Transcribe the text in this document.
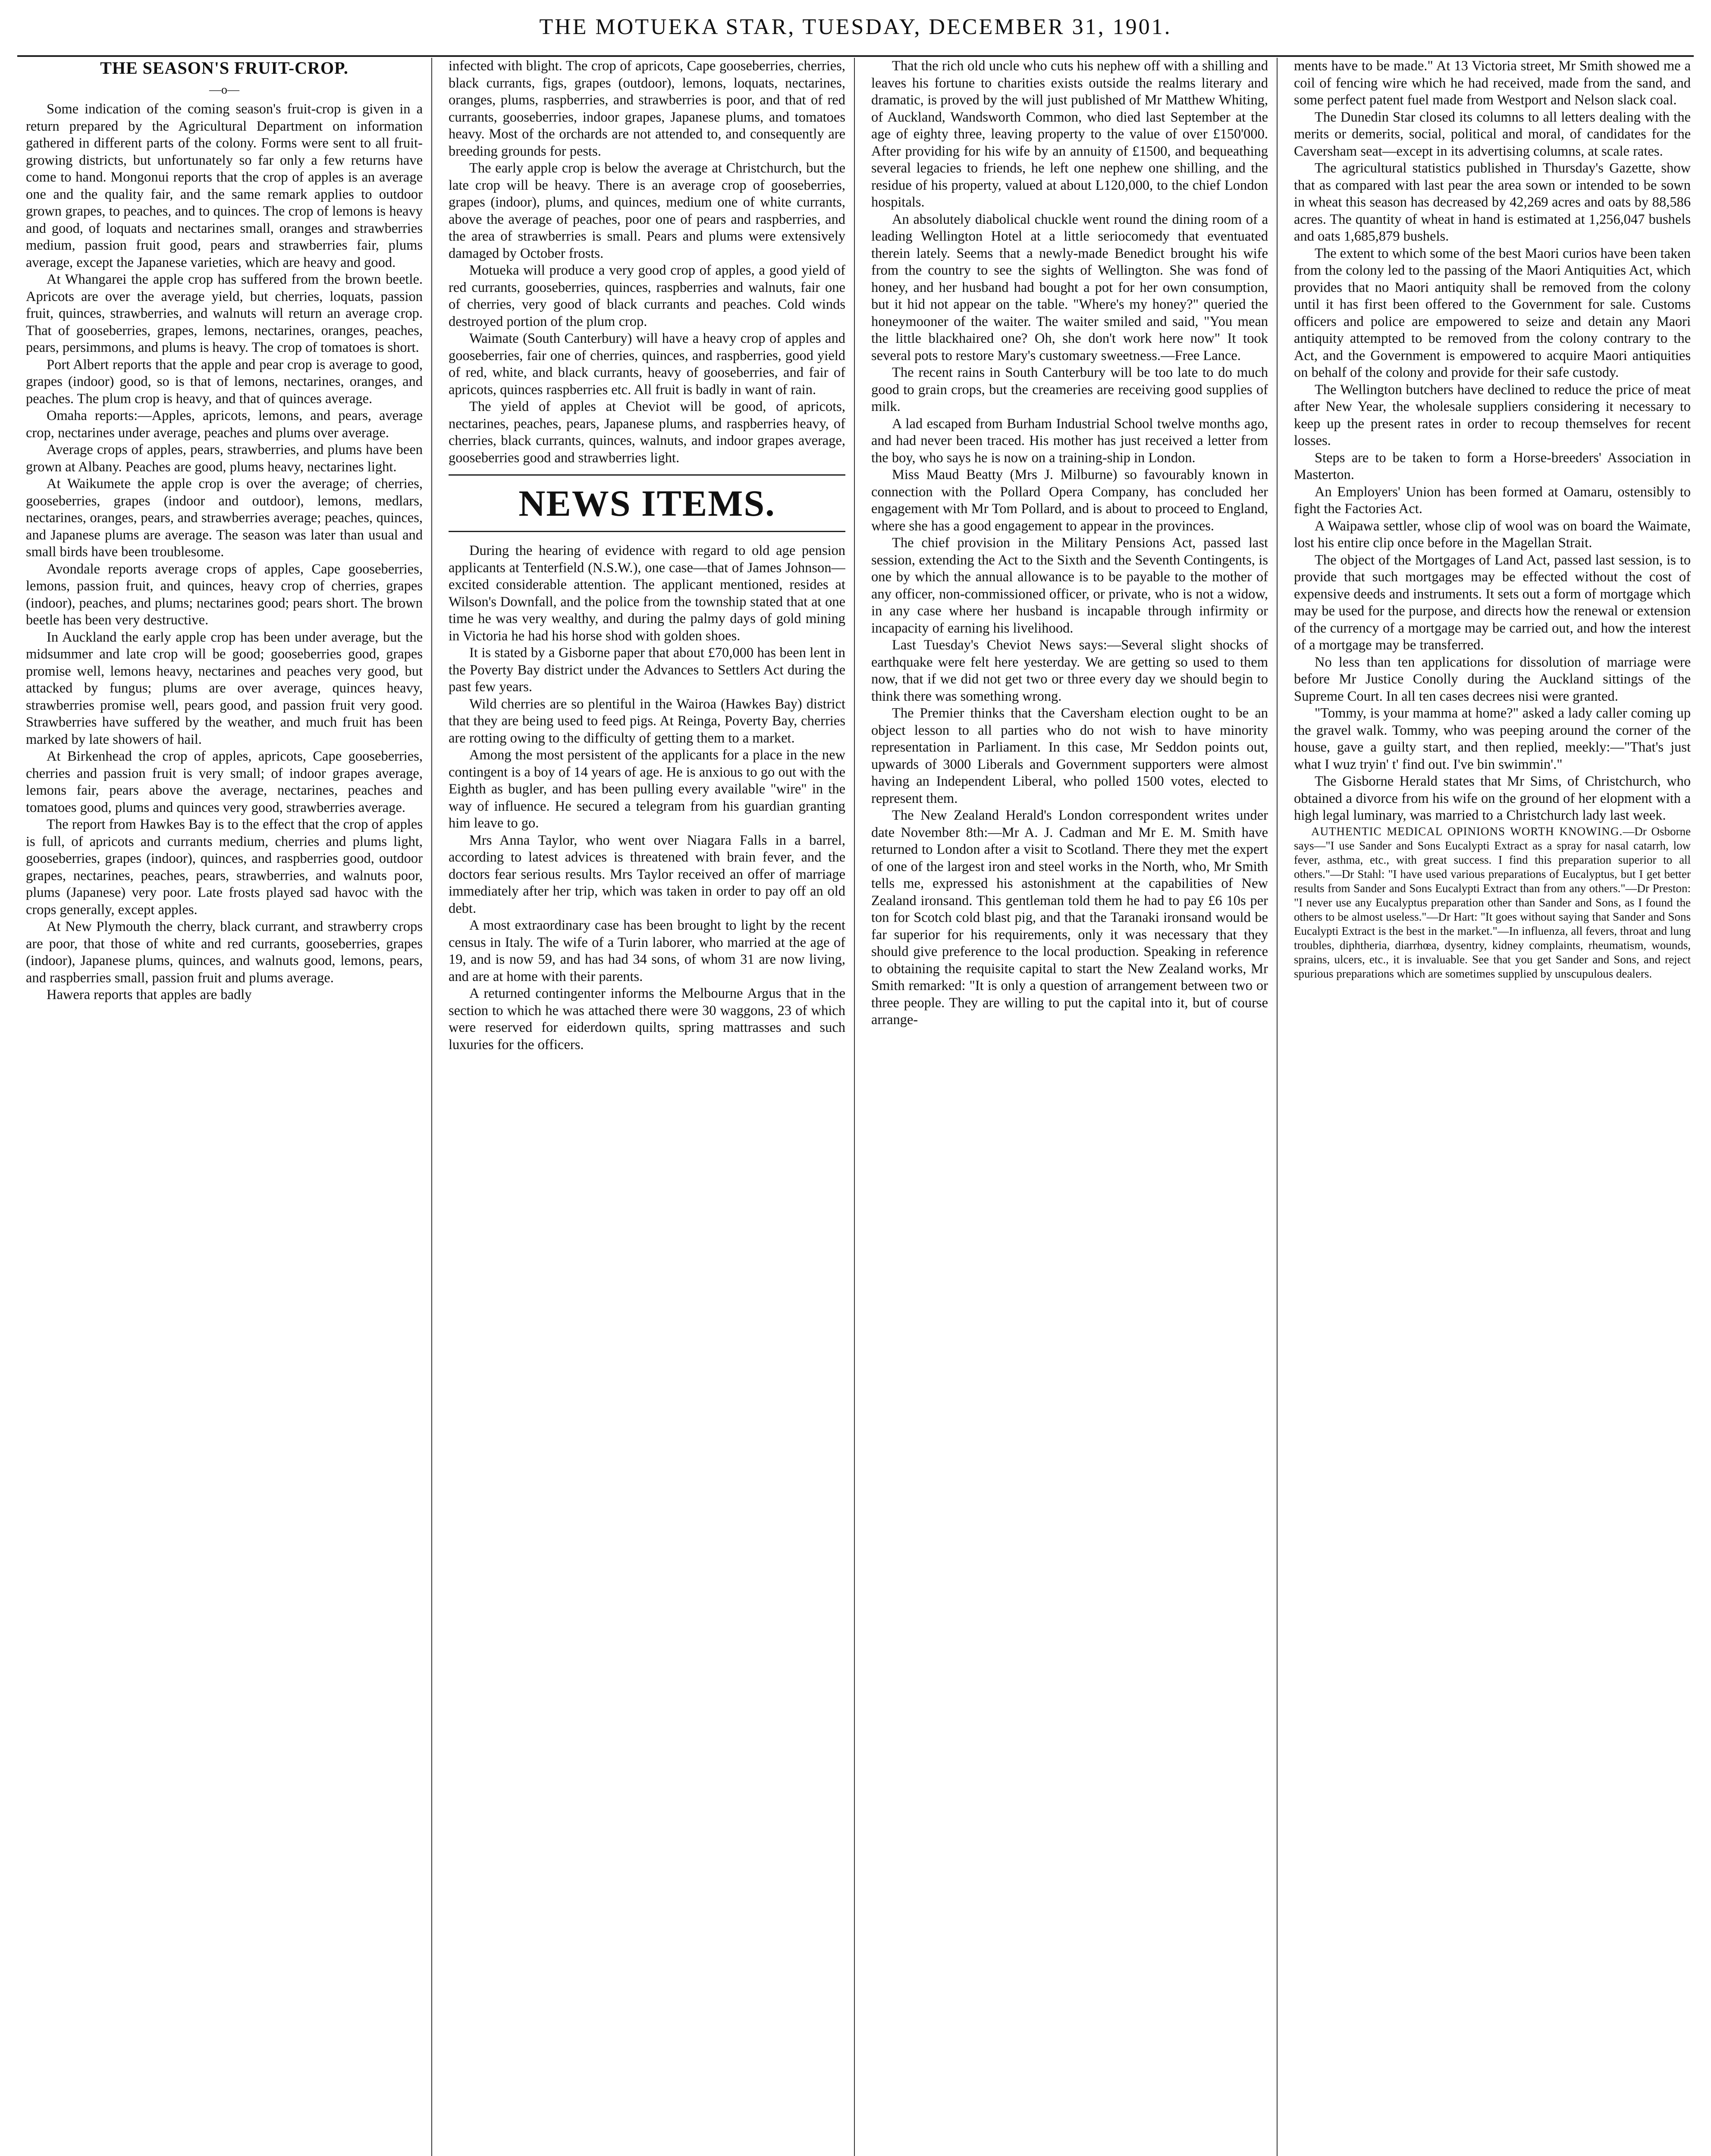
THE MOTUEKA STAR, TUESDAY, DECEMBER 31, 1901.
THE SEASON'S FRUIT-CROP.
—o—

Some indication of the coming season's fruit-crop is given in a return prepared by the Agricultural Department on information gathered in different parts of the colony. Forms were sent to all fruit-growing districts, but unfortunately so far only a few returns have come to hand. Mongonui reports that the crop of apples is an average one and the quality fair, and the same remark applies to outdoor grown grapes, to peaches, and to quinces. The crop of lemons is heavy and good, of loquats and nectarines small, oranges and strawberries medium, passion fruit good, pears and strawberries fair, plums average, except the Japanese varieties, which are heavy and good.

At Whangarei the apple crop has suffered from the brown beetle. Apricots are over the average yield, but cherries, loquats, passion fruit, quinces, strawberries, and walnuts will return an average crop. That of gooseberries, grapes, lemons, nectarines, oranges, peaches, pears, persimmons, and plums is heavy. The crop of tomatoes is short.

Port Albert reports that the apple and pear crop is average to good, grapes (indoor) good, so is that of lemons, nectarines, oranges, and peaches. The plum crop is heavy, and that of quinces average.

Omaha reports:—Apples, apricots, lemons, and pears, average crop, nectarines under average, peaches and plums over average.

Average crops of apples, pears, strawberries, and plums have been grown at Albany. Peaches are good, plums heavy, nectarines light.

At Waikumete the apple crop is over the average; of cherries, gooseberries, grapes (indoor and outdoor), lemons, medlars, nectarines, oranges, pears, and strawberries average; peaches, quinces, and Japanese plums are average. The season was later than usual and small birds have been troublesome.

Avondale reports average crops of apples, Cape gooseberries, lemons, passion fruit, and quinces, heavy crop of cherries, grapes (indoor), peaches, and plums; nectarines good; pears short. The brown beetle has been very destructive.

In Auckland the early apple crop has been under average, but the midsummer and late crop will be good; gooseberries good, grapes promise well, lemons heavy, nectarines and peaches very good, but attacked by fungus; plums are over average, quinces heavy, strawberries promise well, pears good, and passion fruit very good. Strawberries have suffered by the weather, and much fruit has been marked by late showers of hail.

At Birkenhead the crop of apples, apricots, Cape gooseberries, cherries and passion fruit is very small; of indoor grapes average, lemons fair, pears above the average, nectarines, peaches and tomatoes good, plums and quinces very good, strawberries average.

The report from Hawkes Bay is to the effect that the crop of apples is full, of apricots and currants medium, cherries and plums light, gooseberries, grapes (indoor), quinces, and raspberries good, outdoor grapes, nectarines, peaches, pears, strawberries, and walnuts poor, plums (Japanese) very poor. Late frosts played sad havoc with the crops generally, except apples.

At New Plymouth the cherry, black currant, and strawberry crops are poor, that those of white and red currants, gooseberries, grapes (indoor), Japanese plums, quinces, and walnuts good, lemons, pears, and raspberries small, passion fruit and plums average.

Hawera reports that apples are badly

infected with blight. The crop of apricots, Cape gooseberries, cherries, black currants, figs, grapes (outdoor), lemons, loquats, nectarines, oranges, plums, raspberries, and strawberries is poor, and that of red currants, gooseberries, indoor grapes, Japanese plums, and tomatoes heavy. Most of the orchards are not attended to, and consequently are breeding grounds for pests.

The early apple crop is below the average at Christchurch, but the late crop will be heavy. There is an average crop of gooseberries, grapes (indoor), plums, and quinces, medium one of white currants, above the average of peaches, poor one of pears and raspberries, and the area of strawberries is small. Pears and plums were extensively damaged by October frosts.

Motueka will produce a very good crop of apples, a good yield of red currants, gooseberries, quinces, raspberries and walnuts, fair one of cherries, very good of black currants and peaches. Cold winds destroyed portion of the plum crop.

Waimate (South Canterbury) will have a heavy crop of apples and gooseberries, fair one of cherries, quinces, and raspberries, good yield of red, white, and black currants, heavy of gooseberries, and fair of apricots, quinces raspberries etc. All fruit is badly in want of rain.

The yield of apples at Cheviot will be good, of apricots, nectarines, peaches, pears, Japanese plums, and raspberries heavy, of cherries, black currants, quinces, walnuts, and indoor grapes average, gooseberries good and strawberries light.

NEWS ITEMS.

During the hearing of evidence with regard to old age pension applicants at Tenterfield (N.S.W.), one case—that of James Johnson—excited considerable attention. The applicant mentioned, resides at Wilson's Downfall, and the police from the township stated that at one time he was very wealthy, and during the palmy days of gold mining in Victoria he had his horse shod with golden shoes.

It is stated by a Gisborne paper that about £70,000 has been lent in the Poverty Bay district under the Advances to Settlers Act during the past few years.

Wild cherries are so plentiful in the Wairoa (Hawkes Bay) district that they are being used to feed pigs. At Reinga, Poverty Bay, cherries are rotting owing to the difficulty of getting them to a market.

Among the most persistent of the applicants for a place in the new contingent is a boy of 14 years of age. He is anxious to go out with the Eighth as bugler, and has been pulling every available "wire" in the way of influence. He secured a telegram from his guardian granting him leave to go.

Mrs Anna Taylor, who went over Niagara Falls in a barrel, according to latest advices is threatened with brain fever, and the doctors fear serious results. Mrs Taylor received an offer of marriage immediately after her trip, which was taken in order to pay off an old debt.

A most extraordinary case has been brought to light by the recent census in Italy. The wife of a Turin laborer, who married at the age of 19, and is now 59, and has had 34 sons, of whom 31 are now living, and are at home with their parents.

A returned contingenter informs the Melbourne Argus that in the section to which he was attached there were 30 waggons, 23 of which were reserved for eiderdown quilts, spring mattrasses and such luxuries for the officers.

That the rich old uncle who cuts his nephew off with a shilling and leaves his fortune to charities exists outside the realms literary and dramatic, is proved by the will just published of Mr Matthew Whiting, of Auckland, Wandsworth Common, who died last September at the age of eighty three, leaving property to the value of over £150'000. After providing for his wife by an annuity of £1500, and bequeathing several legacies to friends, he left one nephew one shilling, and the residue of his property, valued at about L120,000, to the chief London hospitals.

An absolutely diabolical chuckle went round the dining room of a leading Wellington Hotel at a little seriocomedy that eventuated therein lately. Seems that a newly-made Benedict brought his wife from the country to see the sights of Wellington. She was fond of honey, and her husband had bought a pot for her own consumption, but it hid not appear on the table. "Where's my honey?" queried the honeymooner of the waiter. The waiter smiled and said, "You mean the little blackhaired one? Oh, she don't work here now" It took several pots to restore Mary's customary sweetness.—Free Lance.

The recent rains in South Canterbury will be too late to do much good to grain crops, but the creameries are receiving good supplies of milk.

A lad escaped from Burham Industrial School twelve months ago, and had never been traced. His mother has just received a letter from the boy, who says he is now on a training-ship in London.

Miss Maud Beatty (Mrs J. Milburne) so favourably known in connection with the Pollard Opera Company, has concluded her engagement with Mr Tom Pollard, and is about to proceed to England, where she has a good engagement to appear in the provinces.

The chief provision in the Military Pensions Act, passed last session, extending the Act to the Sixth and the Seventh Contingents, is one by which the annual allowance is to be payable to the mother of any officer, non-commissioned officer, or private, who is not a widow, in any case where her husband is incapable through infirmity or incapacity of earning his livelihood.

Last Tuesday's Cheviot News says:—Several slight shocks of earthquake were felt here yesterday. We are getting so used to them now, that if we did not get two or three every day we should begin to think there was something wrong.

The Premier thinks that the Caversham election ought to be an object lesson to all parties who do not wish to have minority representation in Parliament. In this case, Mr Seddon points out, upwards of 3000 Liberals and Government supporters were almost having an Independent Liberal, who polled 1500 votes, elected to represent them.

The New Zealand Herald's London correspondent writes under date November 8th:—Mr A. J. Cadman and Mr E. M. Smith have returned to London after a visit to Scotland. There they met the expert of one of the largest iron and steel works in the North, who, Mr Smith tells me, expressed his astonishment at the capabilities of New Zealand ironsand. This gentleman told them he had to pay £6 10s per ton for Scotch cold blast pig, and that the Taranaki ironsand would be far superior for his requirements, only it was necessary that they should give preference to the local production. Speaking in reference to obtaining the requisite capital to start the New Zealand works, Mr Smith remarked: "It is only a question of arrangement between two or three people. They are willing to put the capital into it, but of course arrange-

ments have to be made." At 13 Victoria street, Mr Smith showed me a coil of fencing wire which he had received, made from the sand, and some perfect patent fuel made from Westport and Nelson slack coal.

The Dunedin Star closed its columns to all letters dealing with the merits or demerits, social, political and moral, of candidates for the Caversham seat—except in its advertising columns, at scale rates.

The agricultural statistics published in Thursday's Gazette, show that as compared with last pear the area sown or intended to be sown in wheat this season has decreased by 42,269 acres and oats by 88,586 acres. The quantity of wheat in hand is estimated at 1,256,047 bushels and oats 1,685,879 bushels.

The extent to which some of the best Maori curios have been taken from the colony led to the passing of the Maori Antiquities Act, which provides that no Maori antiquity shall be removed from the colony until it has first been offered to the Government for sale. Customs officers and police are empowered to seize and detain any Maori antiquity attempted to be removed from the colony contrary to the Act, and the Government is empowered to acquire Maori antiquities on behalf of the colony and provide for their safe custody.

The Wellington butchers have declined to reduce the price of meat after New Year, the wholesale suppliers considering it necessary to keep up the present rates in order to recoup themselves for recent losses.

Steps are to be taken to form a Horse-breeders' Association in Masterton.

An Employers' Union has been formed at Oamaru, ostensibly to fight the Factories Act.

A Waipawa settler, whose clip of wool was on board the Waimate, lost his entire clip once before in the Magellan Strait.

The object of the Mortgages of Land Act, passed last session, is to provide that such mortgages may be effected without the cost of expensive deeds and instruments. It sets out a form of mortgage which may be used for the purpose, and directs how the renewal or extension of the currency of a mortgage may be carried out, and how the interest of a mortgage may be transferred.

No less than ten applications for dissolution of marriage were before Mr Justice Conolly during the Auckland sittings of the Supreme Court. In all ten cases decrees nisi were granted.

"Tommy, is your mamma at home?" asked a lady caller coming up the gravel walk. Tommy, who was peeping around the corner of the house, gave a guilty start, and then replied, meekly:—"That's just what I wuz tryin' t' find out. I've bin swimmin'."

The Gisborne Herald states that Mr Sims, of Christchurch, who obtained a divorce from his wife on the ground of her elopment with a high legal luminary, was married to a Christchurch lady last week.

AUTHENTIC MEDICAL OPINIONS WORTH KNOWING.—Dr Osborne says—"I use Sander and Sons Eucalypti Extract as a spray for nasal catarrh, low fever, asthma, etc., with great success. I find this preparation superior to all others."—Dr Stahl: "I have used various preparations of Eucalyptus, but I get better results from Sander and Sons Eucalypti Extract than from any others."—Dr Preston: "I never use any Eucalyptus preparation other than Sander and Sons, as I found the others to be almost useless."—Dr Hart: "It goes without saying that Sander and Sons Eucalypti Extract is the best in the market."—In influenza, all fevers, throat and lung troubles, diphtheria, diarrhœa, dysentry, kidney complaints, rheumatism, wounds, sprains, ulcers, etc., it is invaluable. See that you get Sander and Sons, and reject spurious preparations which are sometimes supplied by unscupulous dealers.
